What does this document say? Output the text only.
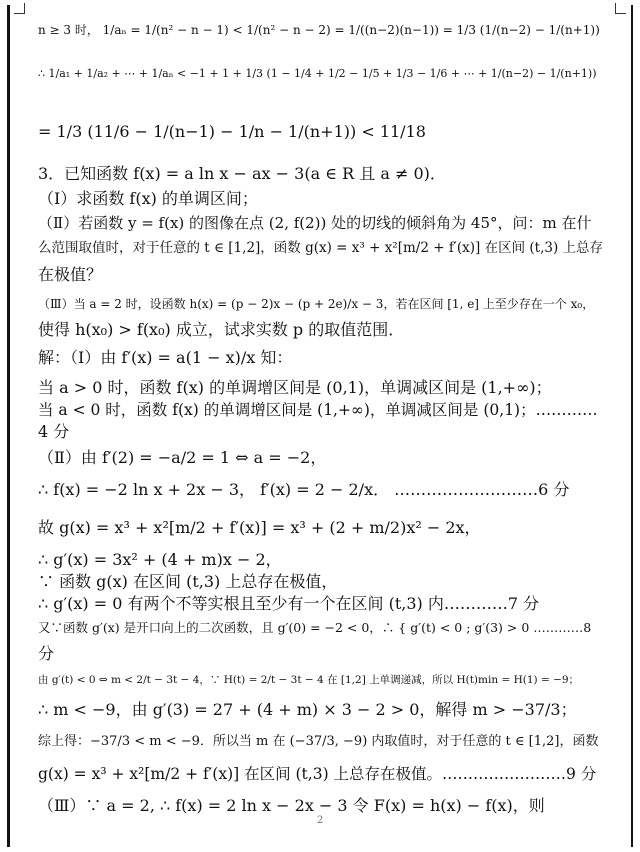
n ≥ 3 时， 1/aₙ = 1/(n² − n − 1) < 1/(n² − n − 2) = 1/((n−2)(n−1)) = 1/3 (1/(n−2) − 1/(n+1))
∴ 1/a₁ + 1/a₂ + ⋯ + 1/aₙ < −1 + 1 + 1/3 (1 − 1/4 + 1/2 − 1/5 + 1/3 − 1/6 + ⋯ + 1/(n−2) − 1/(n+1))
= 1/3 (11/6 − 1/(n−1) − 1/n − 1/(n+1)) < 11/18
3．已知函数 f(x) = a ln x − ax − 3(a ∈ R 且 a ≠ 0)．
（Ⅰ）求函数 f(x) 的单调区间；
（Ⅱ）若函数 y = f(x) 的图像在点 (2, f(2)) 处的切线的倾斜角为 45°，问：m 在什
么范围取值时，对于任意的 t ∈ [1,2]，函数 g(x) = x³ + x²[m/2 + f′(x)] 在区间 (t,3) 上总存
在极值？
（Ⅲ）当 a = 2 时，设函数 h(x) = (p − 2)x − (p + 2e)/x − 3，若在区间 [1, e] 上至少存在一个 x₀，
使得 h(x₀) > f(x₀) 成立，试求实数 p 的取值范围．
解：（Ⅰ）由 f′(x) = a(1 − x)/x 知：
当 a > 0 时，函数 f(x) 的单调增区间是 (0,1)，单调减区间是 (1,+∞)；
当 a < 0 时，函数 f(x) 的单调增区间是 (1,+∞)，单调减区间是 (0,1)；…………
4 分
（Ⅱ）由 f′(2) = −a/2 = 1 ⇔ a = −2，
∴ f(x) = −2 ln x + 2x − 3， f′(x) = 2 − 2/x． ………………………6 分
故 g(x) = x³ + x²[m/2 + f′(x)] = x³ + (2 + m/2)x² − 2x，
∴ g′(x) = 3x² + (4 + m)x − 2，
∵ 函数 g(x) 在区间 (t,3) 上总存在极值，
∴ g′(x) = 0 有两个不等实根且至少有一个在区间 (t,3) 内…………7 分
又∵函数 g′(x) 是开口向上的二次函数，且 g′(0) = −2 < 0，∴ { g′(t) < 0 ; g′(3) > 0 …………8
分
由 g′(t) < 0 ⇔ m < 2/t − 3t − 4，∵ H(t) = 2/t − 3t − 4 在 [1,2] 上单调递减，所以 H(t)min = H(1) = −9；
∴ m < −9，由 g′(3) = 27 + (4 + m) × 3 − 2 > 0，解得 m > −37/3；
综上得：−37/3 < m < −9．所以当 m 在 (−37/3, −9) 内取值时，对于任意的 t ∈ [1,2]，函数
g(x) = x³ + x²[m/2 + f′(x)] 在区间 (t,3) 上总存在极值。……………………9 分
（Ⅲ）∵ a = 2, ∴ f(x) = 2 ln x − 2x − 3 令 F(x) = h(x) − f(x)，则
2
